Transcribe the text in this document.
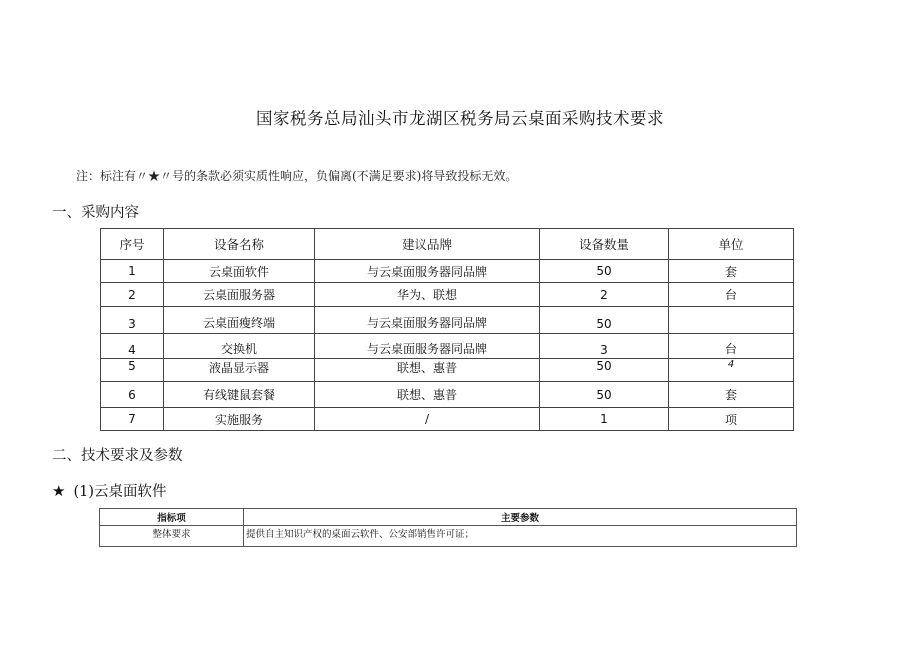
国家税务总局汕头市龙湖区税务局云桌面采购技术要求
注：标注有〃★〃号的条款必须实质性响应，负偏离(不满足要求)将导致投标无效。
一、采购内容
序号	设备名称	建议品牌	设备数量	单位
1	云桌面软件	与云桌面服务器同品牌	50	套
2	云桌面服务器	华为、联想	2	台
3	云桌面瘦终端	与云桌面服务器同品牌	50	
4	交换机	与云桌面服务器同品牌	3	台
5	液晶显示器	联想、惠普	50	4
6	有线键鼠套餐	联想、惠普	50	套
7	实施服务	/	1	项
二、技术要求及参数
★ (1)云桌面软件
指标项	主要参数
整体要求	提供自主知识产权的桌面云软件、公安部销售许可证；
